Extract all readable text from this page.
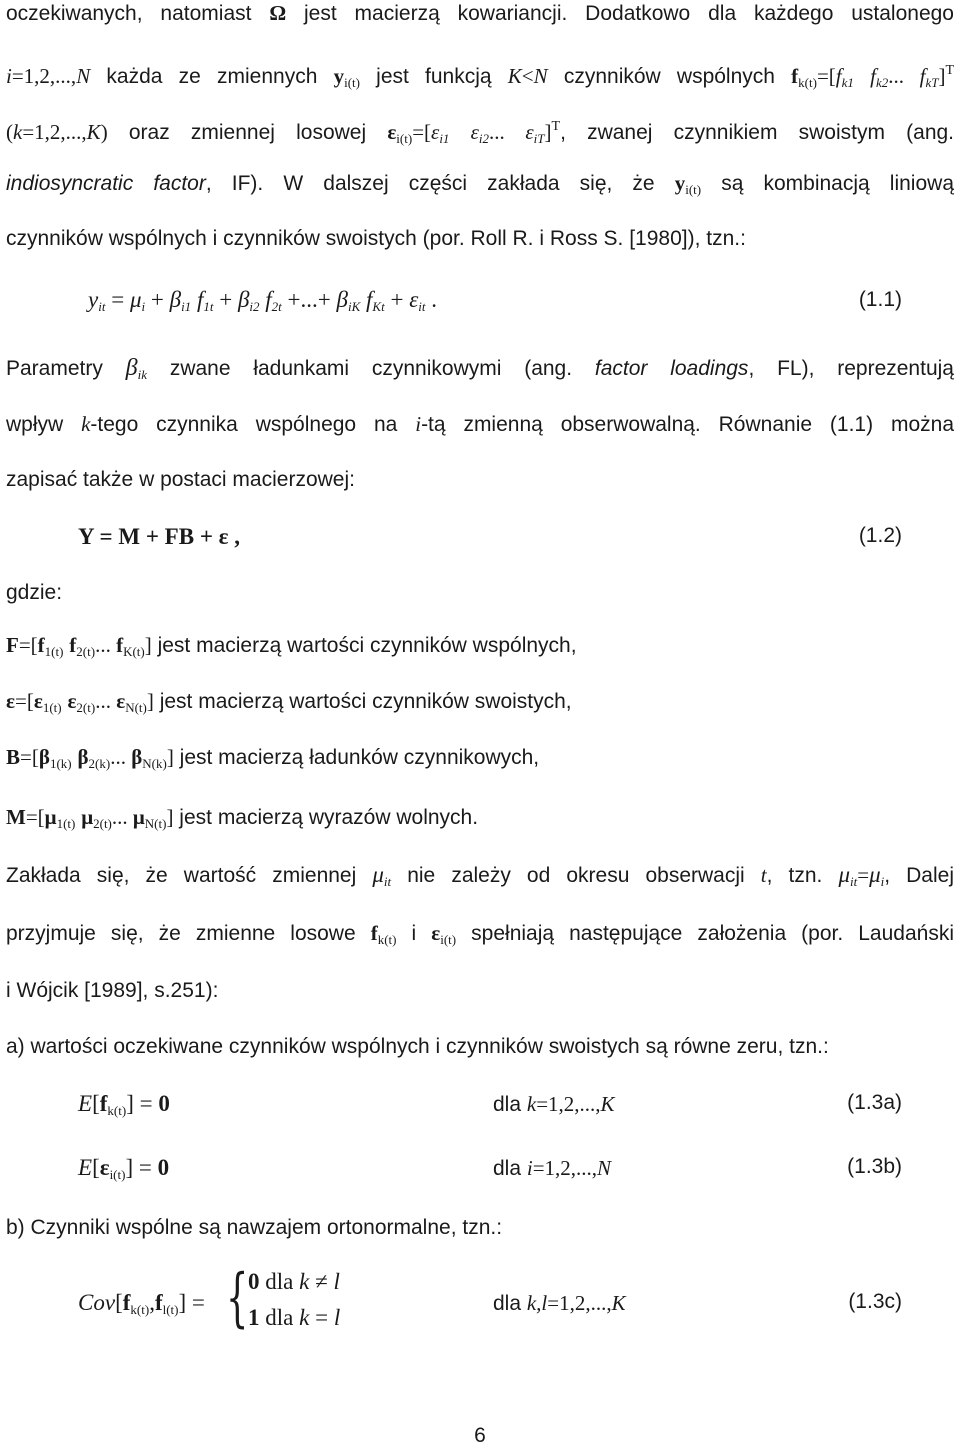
oczekiwanych, natomiast Ω jest macierzą kowariancji. Dodatkowo dla każdego ustalonego
i=1,2,...,N każda ze zmiennych $y_{i(t)}$ jest funkcją K<N czynników wspólnych $f_{k(t)}=[f_{k1}$ $f_{k2}$... $f_{kT}]^T$
(k=1,2,...,K) oraz zmiennej losowej $\varepsilon_{i(t)}=[\varepsilon_{i1}$ $\varepsilon_{i2}$... $\varepsilon_{iT}]^T$, zwanej czynnikiem swoistym (ang.
indiosyncratic factor, IF). W dalszej części zakłada się, że $y_{i(t)}$ są kombinacją liniową
czynników wspólnych i czynników swoistych (por. Roll R. i Ross S. [1980]), tzn.:
$y_{it} = \mu_i + \beta_{i1}$ $f_{1t} + \beta_{i2}$ $f_{2t}$ +...+ $\beta_{iK}$ $f_{Kt} + \varepsilon_{it}$ .	(1.1)
Parametry $\beta_{ik}$ zwane ładunkami czynnikowymi (ang. factor loadings, FL), reprezentują
wpływ k-tego czynnika wspólnego na i-tą zmienną obserwowalną. Równanie (1.1) można
zapisać także w postaci macierzowej:
Y = M + FB + ε ,	(1.2)
gdzie:
$F=[f_{1(t)}$ $f_{2(t)}$... $f_{K(t)}$] jest macierzą wartości czynników wspólnych,
$\varepsilon=[\varepsilon_{1(t)}$ $\varepsilon_{2(t)}$... $\varepsilon_{N(t)}$] jest macierzą wartości czynników swoistych,
$B=[\beta_{1(k)}$ $\beta_{2(k)}$... $\beta_{N(k)}$] jest macierzą ładunków czynnikowych,
$M=[\mu_{1(t)}$ $\mu_{2(t)}$... $\mu_{N(t)}$] jest macierzą wyrazów wolnych.
Zakłada się, że wartość zmiennej $\mu_{it}$ nie zależy od okresu obserwacji t, tzn. $\mu_{it}=\mu_i$, Dalej
przyjmuje się, że zmienne losowe $f_{k(t)}$ i $\varepsilon_{i(t)}$ spełniają następujące założenia (por. Laudański
i Wójcik [1989], s.251):
a) wartości oczekiwane czynników wspólnych i czynników swoistych są równe zeru, tzn.:
$E[f_{k(t)}] = 0$	dla k=1,2,...,K	(1.3a)
$E[\varepsilon_{i(t)}] = 0$	dla i=1,2,...,N	(1.3b)
b) Czynniki wspólne są nawzajem ortonormalne, tzn.:
$Cov[f_{k(t)},f_{l(t)}]$ = { 0 dla k ≠ l
1 dla k = l
dla k,l=1,2,...,K	(1.3c)
6
